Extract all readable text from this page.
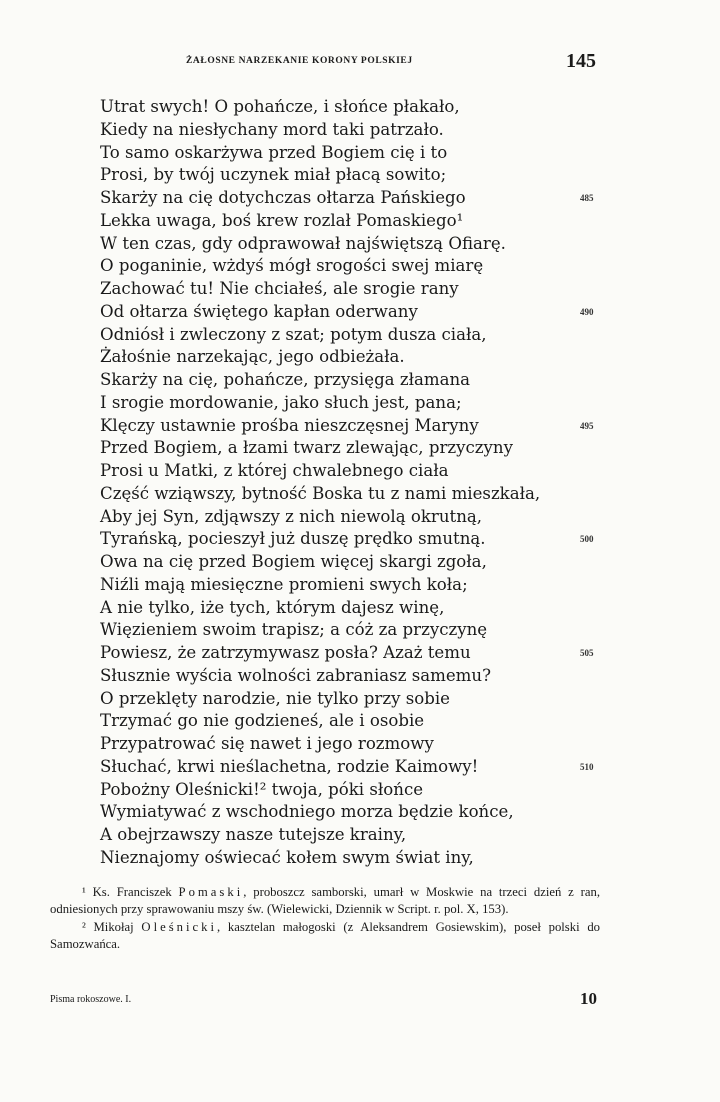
ŻAŁOSNE NARZEKANIE KORONY POLSKIEJ	145
Utrat swych! O pohańcze, i słońce płakało,
Kiedy na niesłychany mord taki patrzało.
To samo oskarżywa przed Bogiem cię i to
Prosi, by twój uczynek miał płacą sowito;
Skarży na cię dotychczas ołtarza Pańskiego	485
Lekka uwaga, boś krew rozlał Pomaskiego¹
W ten czas, gdy odprawował najświętszą Ofiarę.
O poganinie, wżdyś mógł srogości swej miarę
Zachować tu! Nie chciałeś, ale srogie rany
Od ołtarza świętego kapłan oderwany	490
Odniósł i zwleczony z szat; potym dusza ciała,
Żałośnie narzekając, jego odbieżała.
Skarży na cię, pohańcze, przysięga złamana
I srogie mordowanie, jako słuch jest, pana;
Klęczy ustawnie prośba nieszczęsnej Maryny	495
Przed Bogiem, a łzami twarz zlewając, przyczyny
Prosi u Matki, z której chwalebnego ciała
Część wziąwszy, bytność Boska tu z nami mieszkała,
Aby jej Syn, zdjąwszy z nich niewolą okrutną,
Tyrańską, pocieszył już duszę prędko smutną.	500
Owa na cię przed Bogiem więcej skargi zgoła,
Niźli mają miesięczne promieni swych koła;
A nie tylko, iże tych, którym dajesz winę,
Więzieniem swoim trapisz; a cóż za przyczynę
Powiesz, że zatrzymywasz posła? Azaż temu	505
Słusznie wyścia wolności zabraniasz samemu?
O przeklęty narodzie, nie tylko przy sobie
Trzymać go nie godzieneś, ale i osobie
Przypatrować się nawet i jego rozmowy
Słuchać, krwi nieślachetna, rodzie Kaimowy!	510
Pobożny Oleśnicki!² twoja, póki słońce
Wymiatywać z wschodniego morza będzie końce,
A obejrzawszy nasze tutejsze krainy,
Nieznajomy oświecać kołem swym świat iny,

¹ Ks. Franciszek Pomaski, proboszcz samborski, umarł w Moskwie na trzeci dzień z ran, odniesionych przy sprawowaniu mszy św. (Wielewicki, Dziennik w Script. r. pol. X, 153).

² Mikołaj Oleśnicki, kasztelan małogoski (z Aleksandrem Gosiewskim), poseł polski do Samozwańca.

Pisma rokoszowe. I.	10
